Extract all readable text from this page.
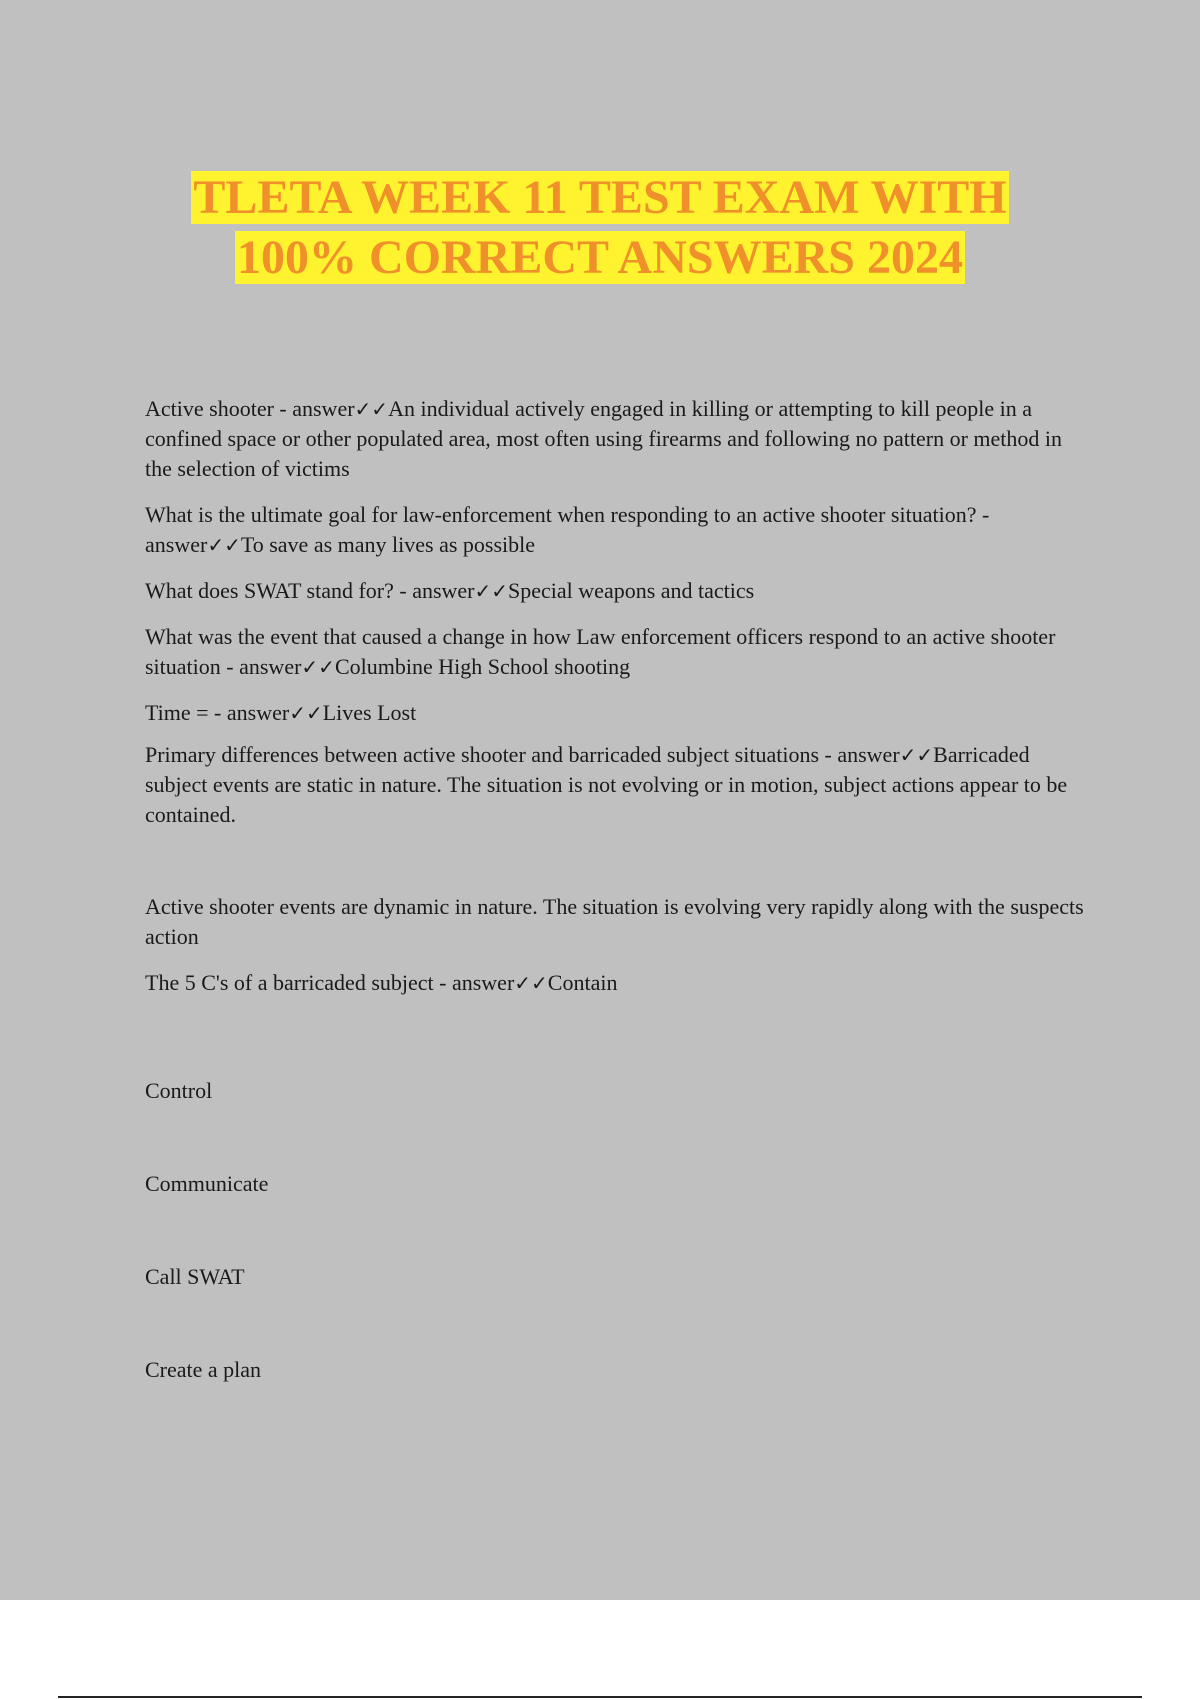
TLETA WEEK 11 TEST EXAM WITH
100% CORRECT ANSWERS 2024

Active shooter - answer✓✓An individual actively engaged in killing or attempting to kill people in a confined space or other populated area, most often using firearms and following no pattern or method in the selection of victims

What is the ultimate goal for law-enforcement when responding to an active shooter situation? - answer✓✓To save as many lives as possible

What does SWAT stand for? - answer✓✓Special weapons and tactics

What was the event that caused a change in how Law enforcement officers respond to an active shooter situation - answer✓✓Columbine High School shooting

Time = - answer✓✓Lives Lost

Primary differences between active shooter and barricaded subject situations - answer✓✓Barricaded subject events are static in nature. The situation is not evolving or in motion, subject actions appear to be contained.

Active shooter events are dynamic in nature. The situation is evolving very rapidly along with the suspects action

The 5 C's of a barricaded subject - answer✓✓Contain

Control

Communicate

Call SWAT

Create a plan
